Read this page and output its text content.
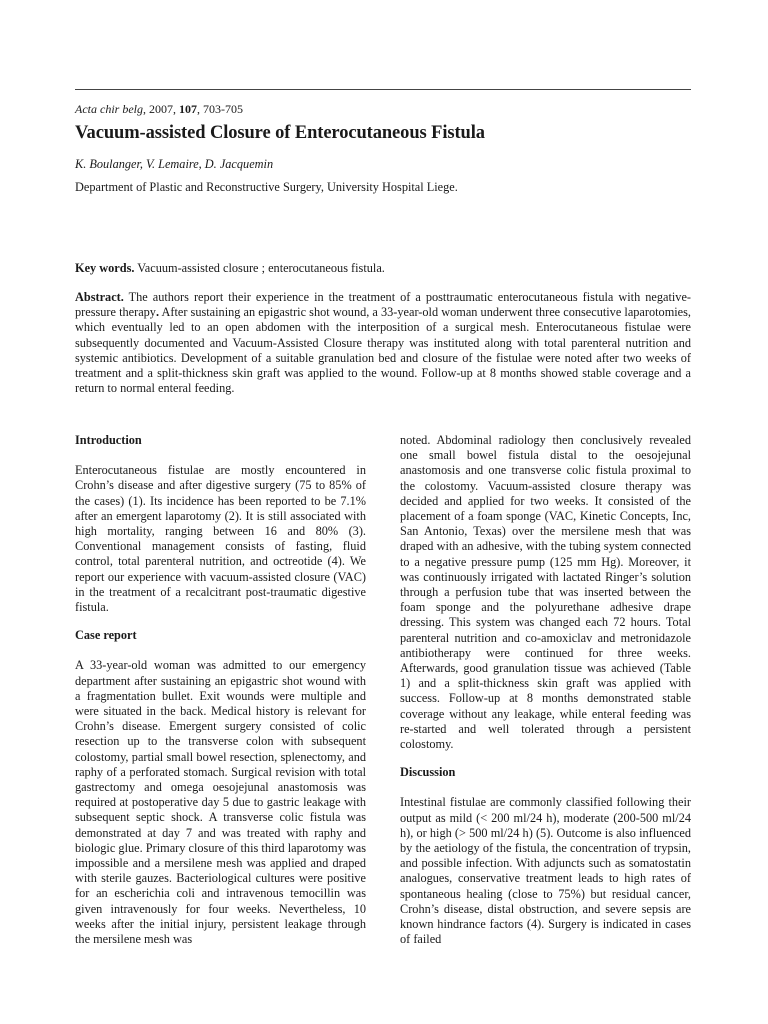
Acta chir belg, 2007, 107, 703-705
Vacuum-assisted Closure of Enterocutaneous Fistula
K. Boulanger, V. Lemaire, D. Jacquemin
Department of Plastic and Reconstructive Surgery, University Hospital Liege.
Key words. Vacuum-assisted closure ; enterocutaneous fistula.
Abstract. The authors report their experience in the treatment of a posttraumatic enterocutaneous fistula with negative-pressure therapy. After sustaining an epigastric shot wound, a 33-year-old woman underwent three consecutive laparotomies, which eventually led to an open abdomen with the interposition of a surgical mesh. Enterocutaneous fistulae were subsequently documented and Vacuum-Assisted Closure therapy was instituted along with total parenteral nutrition and systemic antibiotics. Development of a suitable granulation bed and closure of the fistulae were noted after two weeks of treatment and a split-thickness skin graft was applied to the wound. Follow-up at 8 months showed stable coverage and a return to normal enteral feeding.
Introduction

Enterocutaneous fistulae are mostly encountered in Crohn’s disease and after digestive surgery (75 to 85% of the cases) (1). Its incidence has been reported to be 7.1% after an emergent laparotomy (2). It is still associated with high mortality, ranging between 16 and 80% (3). Conventional management consists of fasting, fluid control, total parenteral nutrition, and octreotide (4). We report our experience with vacuum-assisted closure (VAC) in the treatment of a recalcitrant post-traumatic digestive fistula.

Case report

A 33-year-old woman was admitted to our emergency department after sustaining an epigastric shot wound with a fragmentation bullet. Exit wounds were multiple and were situated in the back. Medical history is relevant for Crohn’s disease. Emergent surgery consisted of colic resection up to the transverse colon with subsequent colostomy, partial small bowel resection, splenectomy, and raphy of a perforated stomach. Surgical revision with total gastrectomy and omega oesojejunal anastomosis was required at postoperative day 5 due to gastric leakage with subsequent septic shock. A transverse colic fistula was demonstrated at day 7 and was treated with raphy and biologic glue. Primary closure of this third laparotomy was impossible and a mersilene mesh was applied and draped with sterile gauzes. Bacteriological cultures were positive for an escherichia coli and intravenous temocillin was given intravenously for four weeks. Nevertheless, 10 weeks after the initial injury, persistent leakage through the mersilene mesh was

noted. Abdominal radiology then conclusively revealed one small bowel fistula distal to the oesojejunal anastomosis and one transverse colic fistula proximal to the colostomy. Vacuum-assisted closure therapy was decided and applied for two weeks. It consisted of the placement of a foam sponge (VAC, Kinetic Concepts, Inc, San Antonio, Texas) over the mersilene mesh that was draped with an adhesive, with the tubing system connected to a negative pressure pump (125 mm Hg). Moreover, it was continuously irrigated with lactated Ringer’s solution through a perfusion tube that was inserted between the foam sponge and the polyurethane adhesive drape dressing. This system was changed each 72 hours. Total parenteral nutrition and co-amoxiclav and metronidazole antibiotherapy were continued for three weeks. Afterwards, good granulation tissue was achieved (Table 1) and a split-thickness skin graft was applied with success. Follow-up at 8 months demonstrated stable coverage without any leakage, while enteral feeding was re-started and well tolerated through a persistent colostomy.

Discussion

Intestinal fistulae are commonly classified following their output as mild (< 200 ml/24 h), moderate (200-500 ml/24 h), or high (> 500 ml/24 h) (5). Outcome is also influenced by the aetiology of the fistula, the concentration of trypsin, and possible infection. With adjuncts such as somatostatin analogues, conservative treatment leads to high rates of spontaneous healing (close to 75%) but residual cancer, Crohn’s disease, distal obstruction, and severe sepsis are known hindrance factors (4). Surgery is indicated in cases of failed
